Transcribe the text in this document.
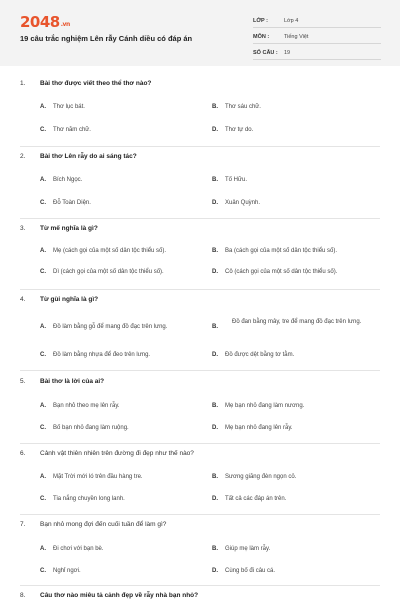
2048.vn
19 câu trắc nghiệm Lên rẫy Cánh diều có đáp án
LỚP :	Lớp 4
MÔN :	Tiếng Việt
SỐ CÂU : 19
1. Bài thơ được viết theo thể thơ nào?
A. Thơ lục bát.	B. Thơ sáu chữ.
C. Thơ năm chữ.	D. Thơ tự do.
2. Bài thơ Lên rẫy do ai sáng tác?
A. Bích Ngọc.	B. Tố Hữu.
C. Đỗ Toàn Diện.	D. Xuân Quỳnh.
3. Từ mế nghĩa là gì?
A. Mẹ (cách gọi của một số dân tộc thiểu số).	B. Ba (cách gọi của một số dân tộc thiểu số).
C. Dì (cách gọi của một số dân tộc thiểu số).	D. Cô (cách gọi của một số dân tộc thiểu số).
4. Từ gùi nghĩa là gì?
A. Đồ làm bằng gỗ để mang đồ đạc trên lưng.	B.
Đồ đan bằng mây, tre để mang đồ đạc trên lưng.
C. Đồ làm bằng nhựa để đeo trên lưng.	D. Đồ được dệt bằng tơ tằm.
5. Bài thơ là lời của ai?
A. Bạn nhỏ theo mẹ lên rẫy.	B. Mẹ bạn nhỏ đang làm nương.
C. Bố bạn nhỏ đang làm ruộng.	D. Mẹ bạn nhỏ đang lên rẫy.
6. Cảnh vật thiên nhiên trên đường đi đẹp như thế nào?
A. Mặt Trời mới ló trên đầu hàng tre.	B. Sương giăng đèn ngọn cỏ.
C. Tia nắng chuyền long lanh.	D. Tất cả các đáp án trên.
7. Bạn nhỏ mong đợi đến cuối tuần để làm gì?
A. Đi chơi với bạn bè.	B. Giúp mẹ làm rẫy.
C. Nghỉ ngơi.	D. Cùng bố đi câu cá.
8. Câu thơ nào miêu tả cảnh đẹp về rẫy nhà bạn nhỏ?
